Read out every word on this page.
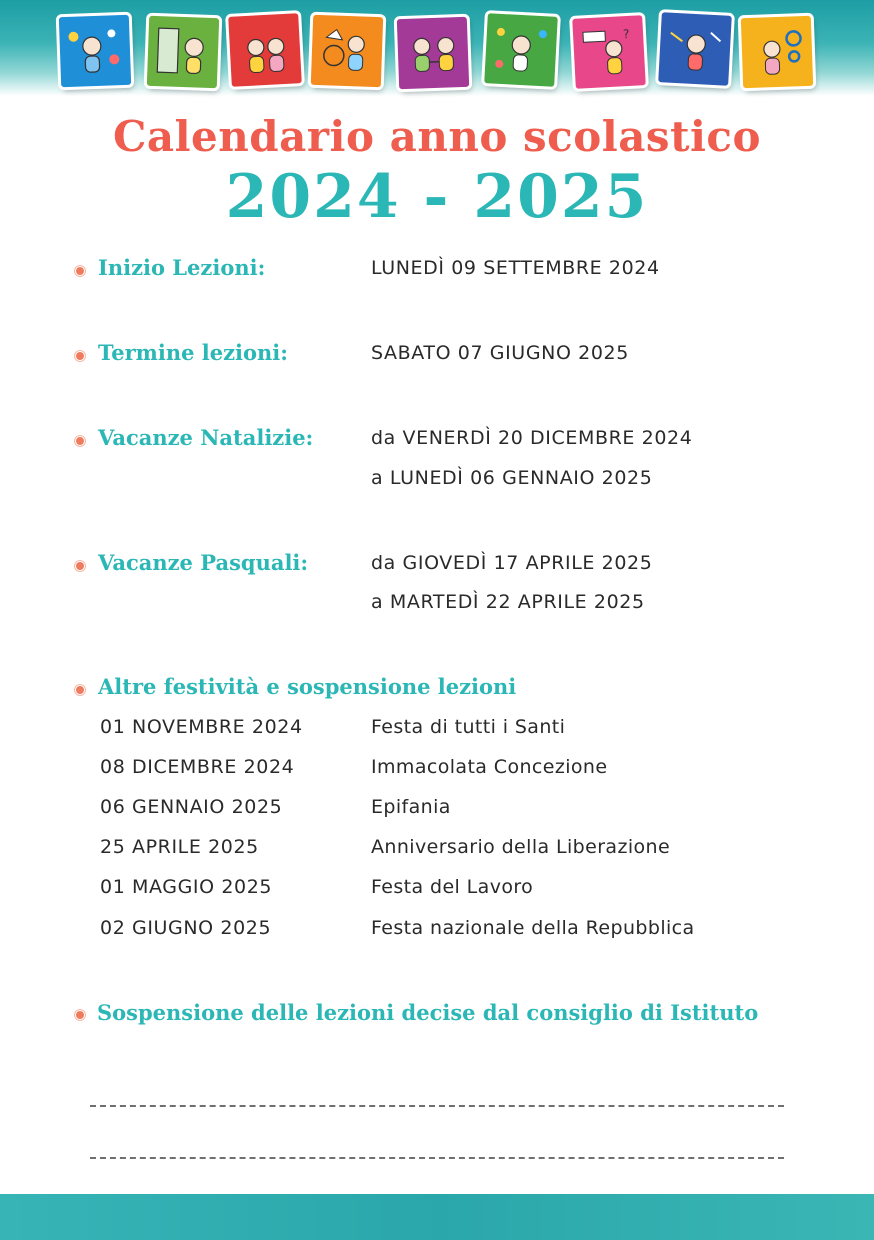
?
Calendario anno scolastico
2024 - 2025
Inizio Lezioni:	LUNEDÌ 09 SETTEMBRE 2024
Termine lezioni:	SABATO 07 GIUGNO 2025
Vacanze Natalizie:	da VENERDÌ 20 DICEMBRE 2024
a LUNEDÌ 06 GENNAIO 2025
Vacanze Pasquali:	da GIOVEDÌ 17 APRILE 2025
a MARTEDÌ 22 APRILE 2025
Altre festività e sospensione lezioni
01 NOVEMBRE 2024	Festa di tutti i Santi
08 DICEMBRE 2024	Immacolata Concezione
06 GENNAIO 2025	Epifania
25 APRILE 2025	Anniversario della Liberazione
01 MAGGIO 2025	Festa del Lavoro
02 GIUGNO 2025	Festa nazionale della Repubblica
Sospensione delle lezioni decise dal consiglio di Istituto
